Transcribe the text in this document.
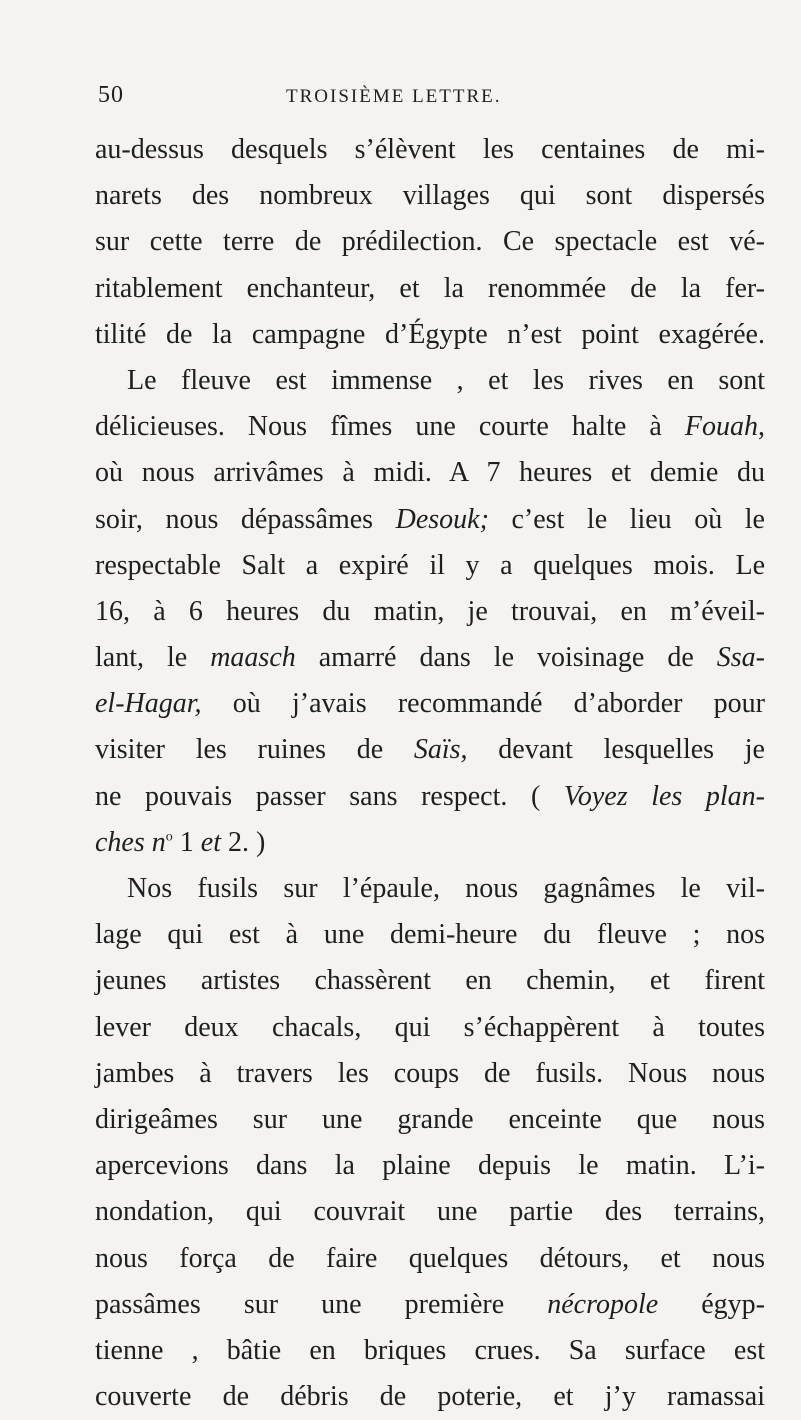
50	TROISIÈME LETTRE.
au-dessus desquels s’élèvent les centaines de mi-
narets des nombreux villages qui sont dispersés
sur cette terre de prédilection. Ce spectacle est vé-
ritablement enchanteur, et la renommée de la fer-
tilité de la campagne d’Égypte n’est point exagérée.
Le fleuve est immense , et les rives en sont
délicieuses. Nous fîmes une courte halte à Fouah,
où nous arrivâmes à midi. A 7 heures et demie du
soir, nous dépassâmes Desouk; c’est le lieu où le
respectable Salt a expiré il y a quelques mois. Le
16, à 6 heures du matin, je trouvai, en m’éveil-
lant, le maasch amarré dans le voisinage de Ssa-
el-Hagar, où j’avais recommandé d’aborder pour
visiter les ruines de Saïs, devant lesquelles je
ne pouvais passer sans respect. ( Voyez les plan-
ches $n^o$ 1 et 2. )
Nos fusils sur l’épaule, nous gagnâmes le vil-
lage qui est à une demi-heure du fleuve ; nos
jeunes artistes chassèrent en chemin, et firent
lever deux chacals, qui s’échappèrent à toutes
jambes à travers les coups de fusils. Nous nous
dirigeâmes sur une grande enceinte que nous
apercevions dans la plaine depuis le matin. L’i-
nondation, qui couvrait une partie des terrains,
nous força de faire quelques détours, et nous
passâmes sur une première nécropole égyp-
tienne , bâtie en briques crues. Sa surface est
couverte de débris de poterie, et j’y ramassai
